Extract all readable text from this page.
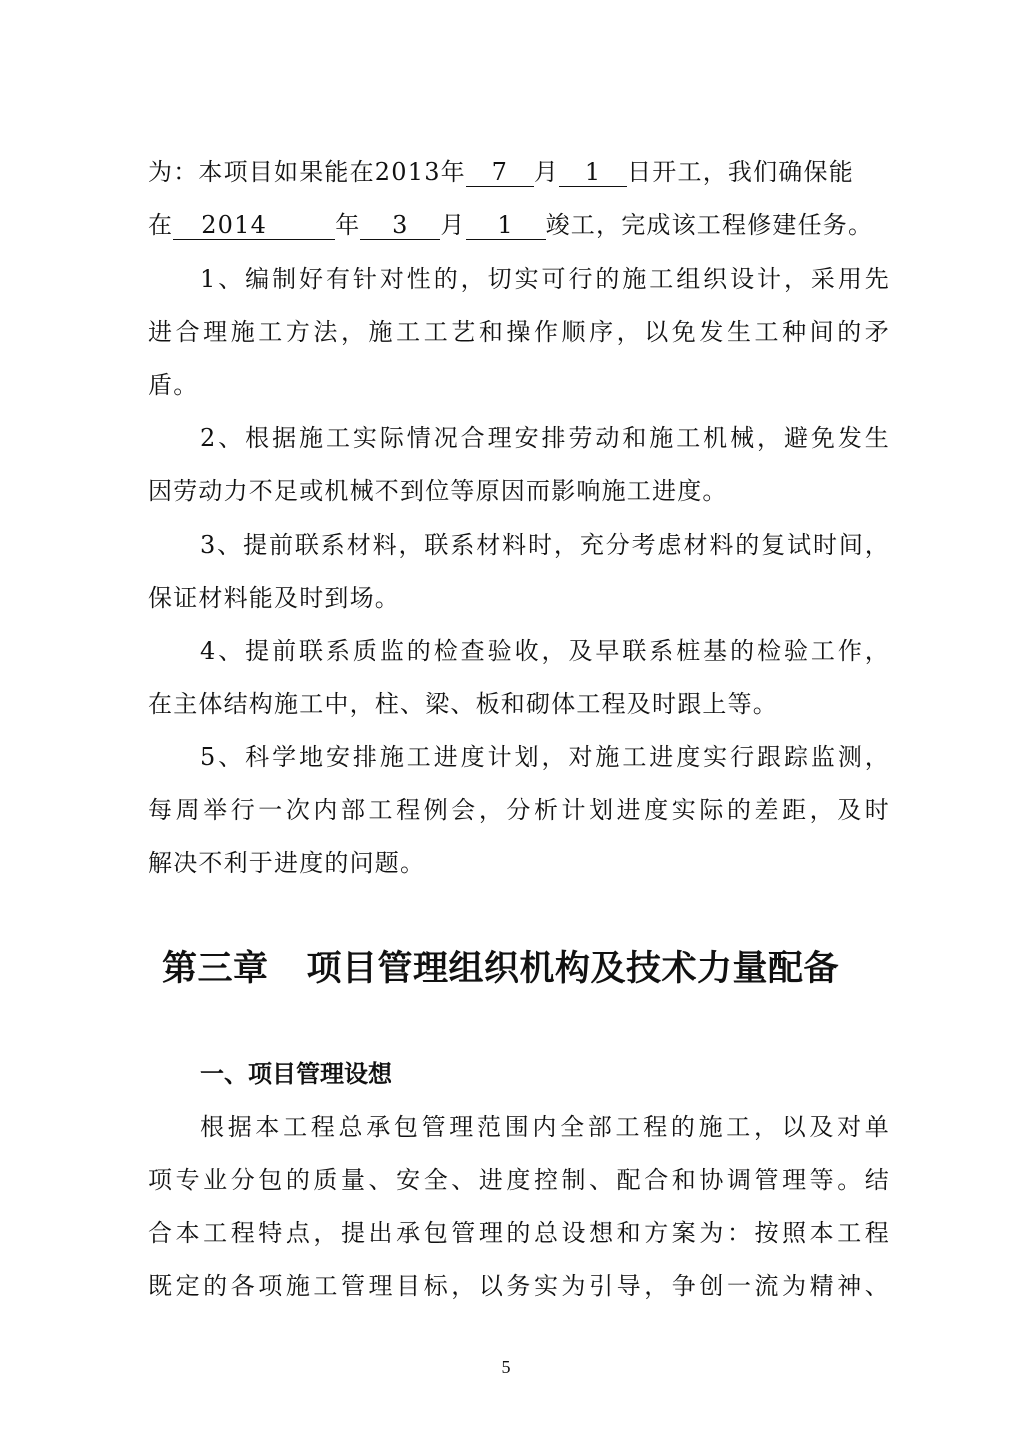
为：本项目如果能在2013年 7 月 1 日开工，我们确保能
在 2014	年 3 月 1 竣工，完成该工程修建任务。
1、编制好有针对性的，切实可行的施工组织设计，采用先
进合理施工方法，施工工艺和操作顺序，以免发生工种间的矛
盾。
2、根据施工实际情况合理安排劳动和施工机械，避免发生
因劳动力不足或机械不到位等原因而影响施工进度。
3、提前联系材料，联系材料时，充分考虑材料的复试时间，
保证材料能及时到场。
4、提前联系质监的检查验收，及早联系桩基的检验工作，
在主体结构施工中，柱、梁、板和砌体工程及时跟上等。
5、科学地安排施工进度计划，对施工进度实行跟踪监测，
每周举行一次内部工程例会，分析计划进度实际的差距，及时
解决不利于进度的问题。
第三章 项目管理组织机构及技术力量配备
一、项目管理设想
根据本工程总承包管理范围内全部工程的施工，以及对单
项专业分包的质量、安全、进度控制、配合和协调管理等。结
合本工程特点，提出承包管理的总设想和方案为：按照本工程
既定的各项施工管理目标，以务实为引导，争创一流为精神、
5
